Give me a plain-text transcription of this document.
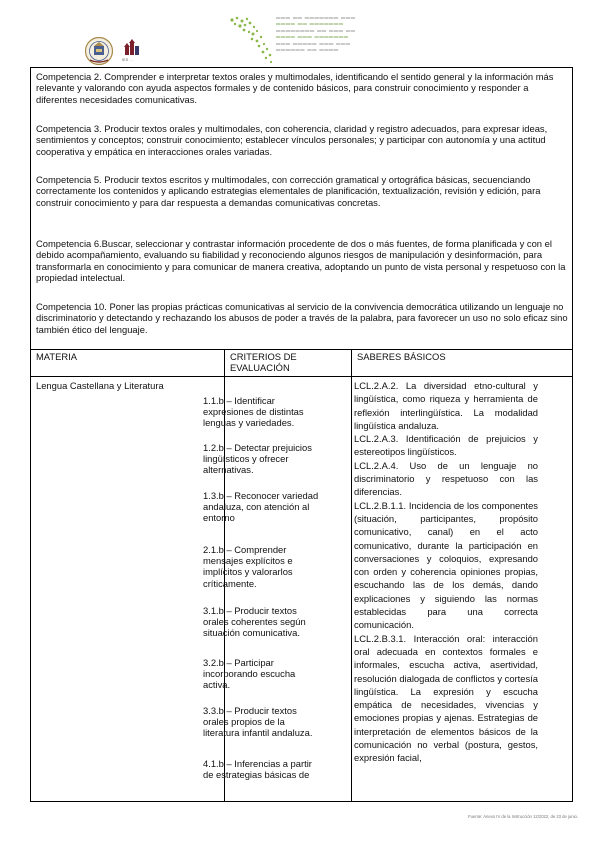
IES ...
═══ ══ ═══════ ═══
════ ══ ═══════
════════ ══ ═══ ══
════ ═══ ═══════
═══ ═════ ═══ ═══
══════ ══ ════

Competencia 2. Comprender e interpretar textos orales y multimodales, identificando el sentido general y la información más relevante y valorando con ayuda aspectos formales y de contenido básicos, para construir conocimiento y responder a diferentes necesidades comunicativas.

Competencia 3. Producir textos orales y multimodales, con coherencia, claridad y registro adecuados, para expresar ideas, sentimientos y conceptos; construir conocimiento; establecer vínculos personales; y participar con autonomía y una actitud cooperativa y empática en interacciones orales variadas.

Competencia 5. Producir textos escritos y multimodales, con corrección gramatical y ortográfica básicas, secuenciando correctamente los contenidos y aplicando estrategias elementales de planificación, textualización, revisión y edición, para construir conocimiento y para dar respuesta a demandas comunicativas concretas.

Competencia 6.Buscar, seleccionar y contrastar información procedente de dos o más fuentes, de forma planificada y con el debido acompañamiento, evaluando su fiabilidad y reconociendo algunos riesgos de manipulación y desinformación, para transformarla en conocimiento y para comunicar de manera creativa, adoptando un punto de vista personal y respetuoso con la propiedad intelectual.

Competencia 10. Poner las propias prácticas comunicativas al servicio de la convivencia democrática utilizando un lenguaje no discriminatorio y detectando y rechazando los abusos de poder a través de la palabra, para favorecer un uso no solo eficaz sino también ético del lenguaje.

MATERIA	CRITERIOS DE EVALUACIÓN
SABERES BÁSICOS
Lengua Castellana y Literatura

1.1.b – Identificar expresiones de distintas lenguas y variedades.

1.2.b – Detectar prejuicios lingüísticos y ofrecer alternativas.

1.3.b – Reconocer variedad andaluza, con atención al entorno

2.1.b – Comprender mensajes explícitos e implícitos y valorarlos críticamente.

3.1.b – Producir textos orales coherentes según situación comunicativa.

3.2.b – Participar incorporando escucha activa.

3.3.b – Producir textos orales propios de la literatura infantil andaluza.

4.1.b – Inferencias a partir de estrategias básicas de

LCL.2.A.2. La diversidad etno-cultural y lingüística, como riqueza y herramienta de reflexión interlingüística. La modalidad lingüística andaluza.

LCL.2.A.3. Identificación de prejuicios y estereotipos lingüísticos.

LCL.2.A.4. Uso de un lenguaje no discriminatorio y respetuoso con las diferencias.

LCL.2.B.1.1. Incidencia de los componentes (situación, participantes, propósito comunicativo, canal) en el acto comunicativo, durante la participación en conversaciones y coloquios, expresando con orden y coherencia opiniones propias, escuchando las de los demás, dando explicaciones y siguiendo las normas establecidas para una correcta comunicación.

LCL.2.B.3.1. Interacción oral: interacción oral adecuada en contextos formales e informales, escucha activa, asertividad, resolución dialogada de conflictos y cortesía lingüística. La expresión y escucha empática de necesidades, vivencias y emociones propias y ajenas. Estrategias de interpretación de elementos básicos de la comunicación no verbal (postura, gestos, expresión facial,

Fuente: Anexo IV de la Instrucción 12/2022, de 23 de junio.
